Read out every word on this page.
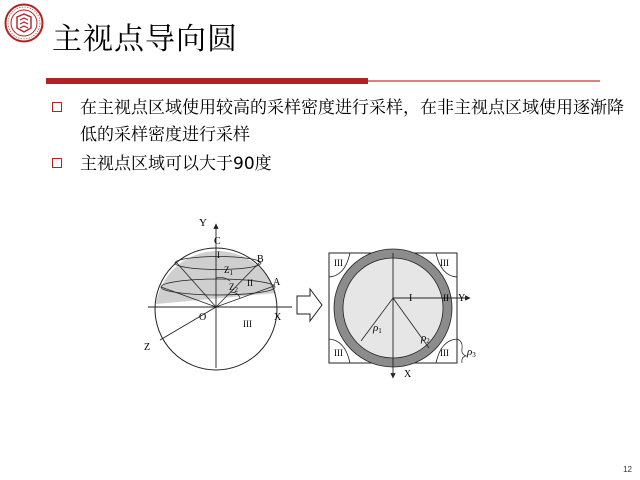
主视点导向圆
在主视点区域使用较高的采样密度进行采样，在非主视点区域使用逐渐降低的采样密度进行采样
主视点区域可以大于90度
Y
C
I	B
$Z_1$
$Z_2$
II A
O
III
X
Z
III	III
III	III
I	II Y
X
ρ1
ρ2
ρ3
12
